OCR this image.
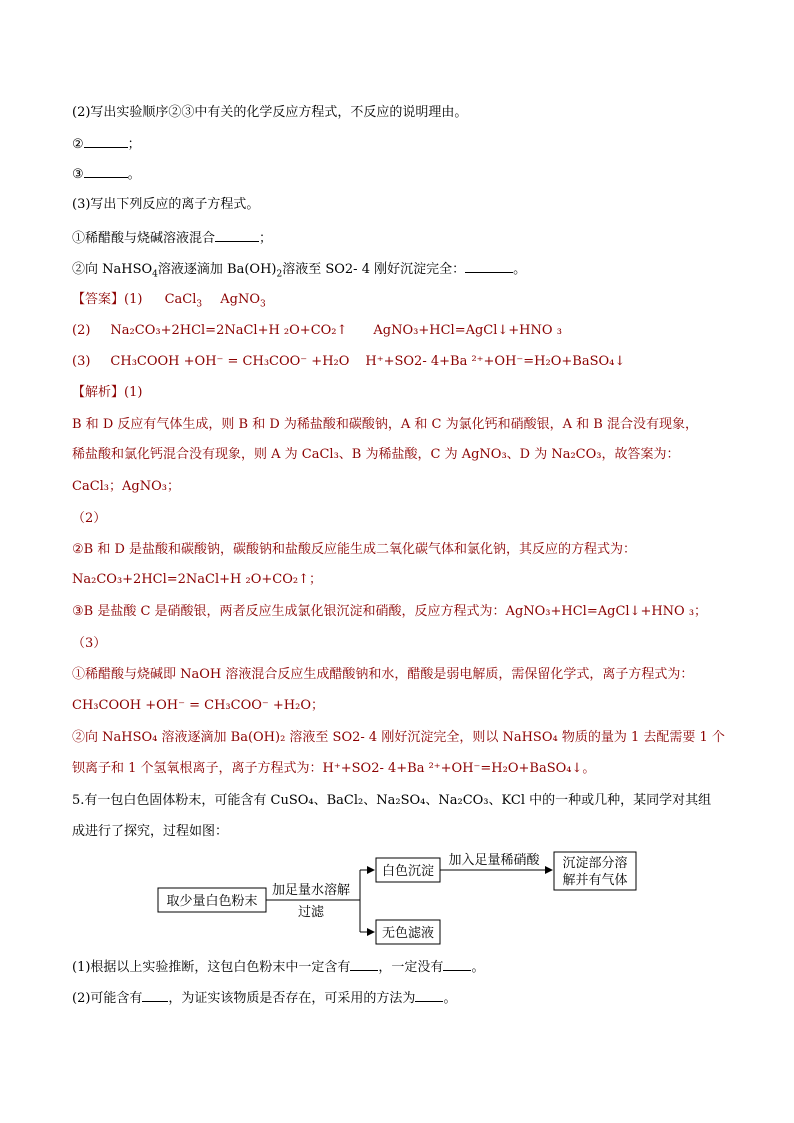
(2)写出实验顺序②③中有关的化学反应方程式，不反应的说明理由。
②	；
③	。
(3)写出下列反应的离子方程式。
①稀醋酸与烧碱溶液混合	；
②向 NaHSO$_4$溶液逐滴加 $Ba(OH)_2$溶液至 SO2- 4 刚好沉淀完全：	。
【答案】(1) CaCl$_3$ AgNO$_3$
(2) Na₂CO₃+2HCl=2NaCl+H ₂O+CO₂↑ AgNO₃+HCl=AgCl↓+HNO ₃
(3) CH₃COOH +OH⁻ = CH₃COO⁻ +H₂O H⁺+SO2- 4+Ba ²⁺+OH⁻=H₂O+BaSO₄↓
【解析】(1)
B 和 D 反应有气体生成，则 B 和 D 为稀盐酸和碳酸钠，A 和 C 为氯化钙和硝酸银，A 和 B 混合没有现象，
稀盐酸和氯化钙混合没有现象，则 A 为 CaCl₃、B 为稀盐酸，C 为 AgNO₃、D 为 Na₂CO₃，故答案为：
CaCl₃；AgNO₃；
（2）
②B 和 D 是盐酸和碳酸钠，碳酸钠和盐酸反应能生成二氧化碳气体和氯化钠，其反应的方程式为：
Na₂CO₃+2HCl=2NaCl+H ₂O+CO₂↑；
③B 是盐酸 C 是硝酸银，两者反应生成氯化银沉淀和硝酸，反应方程式为：AgNO₃+HCl=AgCl↓+HNO ₃；
（3）
①稀醋酸与烧碱即 NaOH 溶液混合反应生成醋酸钠和水，醋酸是弱电解质，需保留化学式，离子方程式为：
CH₃COOH +OH⁻ = CH₃COO⁻ +H₂O；
②向 NaHSO₄ 溶液逐滴加 Ba(OH)₂ 溶液至 SO2- 4 刚好沉淀完全，则以 NaHSO₄ 物质的量为 1 去配需要 1 个
钡离子和 1 个氢氧根离子，离子方程式为：H⁺+SO2- 4+Ba ²⁺+OH⁻=H₂O+BaSO₄↓。
5.有一包白色固体粉末，可能含有 CuSO₄、BaCl₂、Na₂SO₄、Na₂CO₃、KCl 中的一种或几种，某同学对其组
成进行了探究，过程如图：
取少量白色粉末
加足量水溶解
过滤
白色沉淀
加入足量稀硝酸 沉淀部分溶
解并有气体
无色滤液
(1)根据以上实验推断，这包白色粉末中一定含有 ，一定没有 。
(2)可能含有 ，为证实该物质是否存在，可采用的方法为 。
